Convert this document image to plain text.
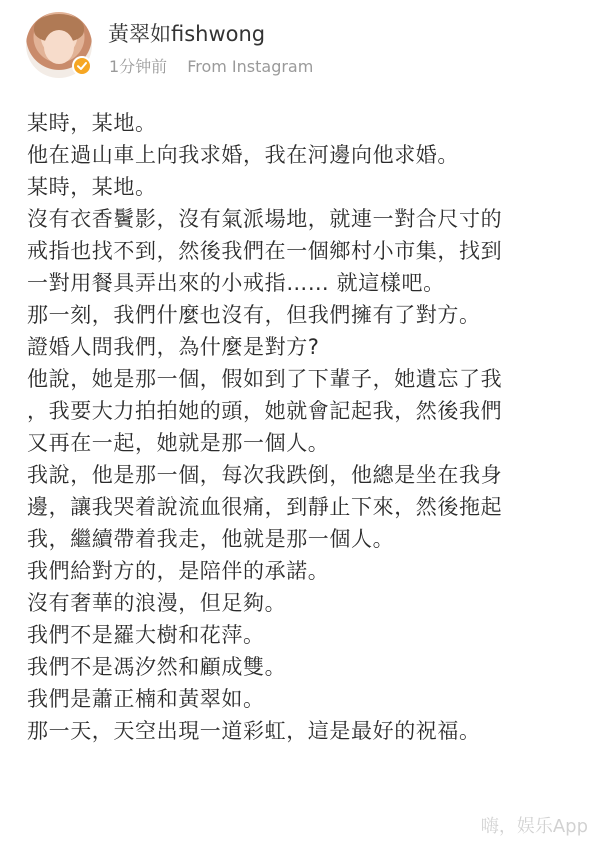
黃翠如fishwong
1分钟前 From Instagram
某時，某地。
他在過山車上向我求婚，我在河邊向他求婚。
某時，某地。
沒有衣香鬢影，沒有氣派場地，就連一對合尺寸的
戒指也找不到，然後我們在一個鄉村小市集，找到
一對用餐具弄出來的小戒指…… 就這樣吧。
那一刻，我們什麼也沒有，但我們擁有了對方。
證婚人問我們，為什麼是對方?
他說，她是那一個，假如到了下輩子，她遺忘了我
，我要大力拍拍她的頭，她就會記起我，然後我們
又再在一起，她就是那一個人。
我說，他是那一個，每次我跌倒，他總是坐在我身
邊，讓我哭着說流血很痛，到靜止下來，然後拖起
我，繼續帶着我走，他就是那一個人。
我們給對方的，是陪伴的承諾。
沒有奢華的浪漫，但足夠。
我們不是羅大樹和花萍。
我們不是馮汐然和顧成雙。
我們是蕭正楠和黃翠如。
那一天，天空出現一道彩虹，這是最好的祝福。
嗨，娱乐App
